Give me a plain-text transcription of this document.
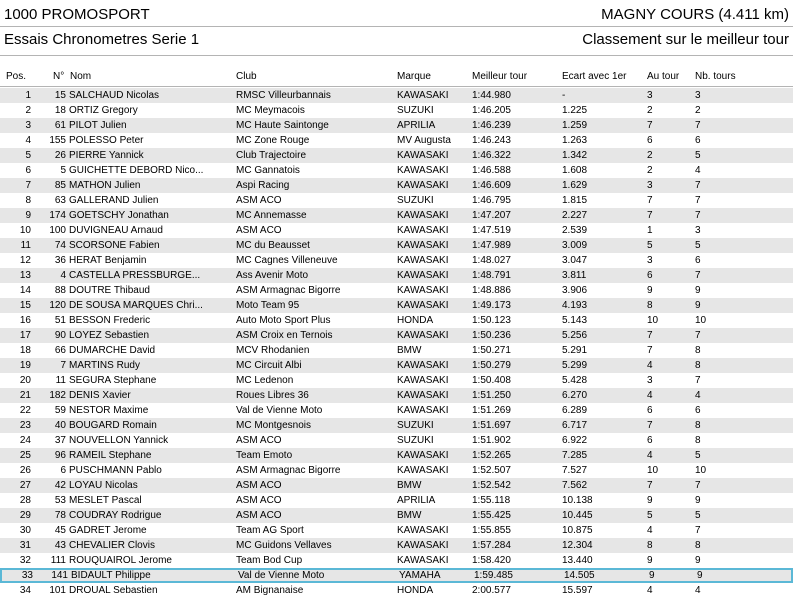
1000 PROMOSPORT	MAGNY COURS (4.411 km)
Essais Chronometres Serie 1	Classement sur le meilleur tour
Pos.	N° Nom	Club	Marque	Meilleur tour	Ecart avec 1er	Au tour	Nb. tours
1	15 SALCHAUD Nicolas	RMSC Villeurbannais	KAWASAKI	1:44.980	-	3	3
2	18 ORTIZ Gregory	MC Meymacois	SUZUKI	1:46.205	1.225	2	2
3	61 PILOT Julien	MC Haute Saintonge	APRILIA	1:46.239	1.259	7	7
4	155 POLESSO Peter	MC Zone Rouge	MV Augusta	1:46.243	1.263	6	6
5	26 PIERRE Yannick	Club Trajectoire	KAWASAKI	1:46.322	1.342	2	5
6	5 GUICHETTE DEBORD Nico...	MC Gannatois	KAWASAKI	1:46.588	1.608	2	4
7	85 MATHON Julien	Aspi Racing	KAWASAKI	1:46.609	1.629	3	7
8	63 GALLERAND Julien	ASM ACO	SUZUKI	1:46.795	1.815	7	7
9	174 GOETSCHY Jonathan	MC Annemasse	KAWASAKI	1:47.207	2.227	7	7
10	100 DUVIGNEAU Arnaud	ASM ACO	KAWASAKI	1:47.519	2.539	1	3
11	74 SCORSONE Fabien	MC du Beausset	KAWASAKI	1:47.989	3.009	5	5
12	36 HERAT Benjamin	MC Cagnes Villeneuve	KAWASAKI	1:48.027	3.047	3	6
13	4 CASTELLA PRESSBURGE...	Ass Avenir Moto	KAWASAKI	1:48.791	3.811	6	7
14	88 DOUTRE Thibaud	ASM Armagnac Bigorre	KAWASAKI	1:48.886	3.906	9	9
15	120 DE SOUSA MARQUES Chri...	Moto Team 95	KAWASAKI	1:49.173	4.193	8	9
16	51 BESSON Frederic	Auto Moto Sport Plus	HONDA	1:50.123	5.143	10	10
17	90 LOYEZ Sebastien	ASM Croix en Ternois	KAWASAKI	1:50.236	5.256	7	7
18	66 DUMARCHE David	MCV Rhodanien	BMW	1:50.271	5.291	7	8
19	7 MARTINS Rudy	MC Circuit Albi	KAWASAKI	1:50.279	5.299	4	8
20	11 SEGURA Stephane	MC Ledenon	KAWASAKI	1:50.408	5.428	3	7
21	182 DENIS Xavier	Roues Libres 36	KAWASAKI	1:51.250	6.270	4	4
22	59 NESTOR Maxime	Val de Vienne Moto	KAWASAKI	1:51.269	6.289	6	6
23	40 BOUGARD Romain	MC Montgesnois	SUZUKI	1:51.697	6.717	7	8
24	37 NOUVELLON Yannick	ASM ACO	SUZUKI	1:51.902	6.922	6	8
25	96 RAMEIL Stephane	Team Emoto	KAWASAKI	1:52.265	7.285	4	5
26	6 PUSCHMANN Pablo	ASM Armagnac Bigorre	KAWASAKI	1:52.507	7.527	10	10
27	42 LOYAU Nicolas	ASM ACO	BMW	1:52.542	7.562	7	7
28	53 MESLET Pascal	ASM ACO	APRILIA	1:55.118	10.138	9	9
29	78 COUDRAY Rodrigue	ASM ACO	BMW	1:55.425	10.445	5	5
30	45 GADRET Jerome	Team AG Sport	KAWASAKI	1:55.855	10.875	4	7
31	43 CHEVALIER Clovis	MC Guidons Vellaves	KAWASAKI	1:57.284	12.304	8	8
32	111 ROUQUAIROL Jerome	Team Bod Cup	KAWASAKI	1:58.420	13.440	9	9
33	141 BIDAULT Philippe	Val de Vienne Moto	YAMAHA	1:59.485	14.505	9	9
34	101 DROUAL Sebastien	AM Bignanaise	HONDA	2:00.577	15.597	4	4
